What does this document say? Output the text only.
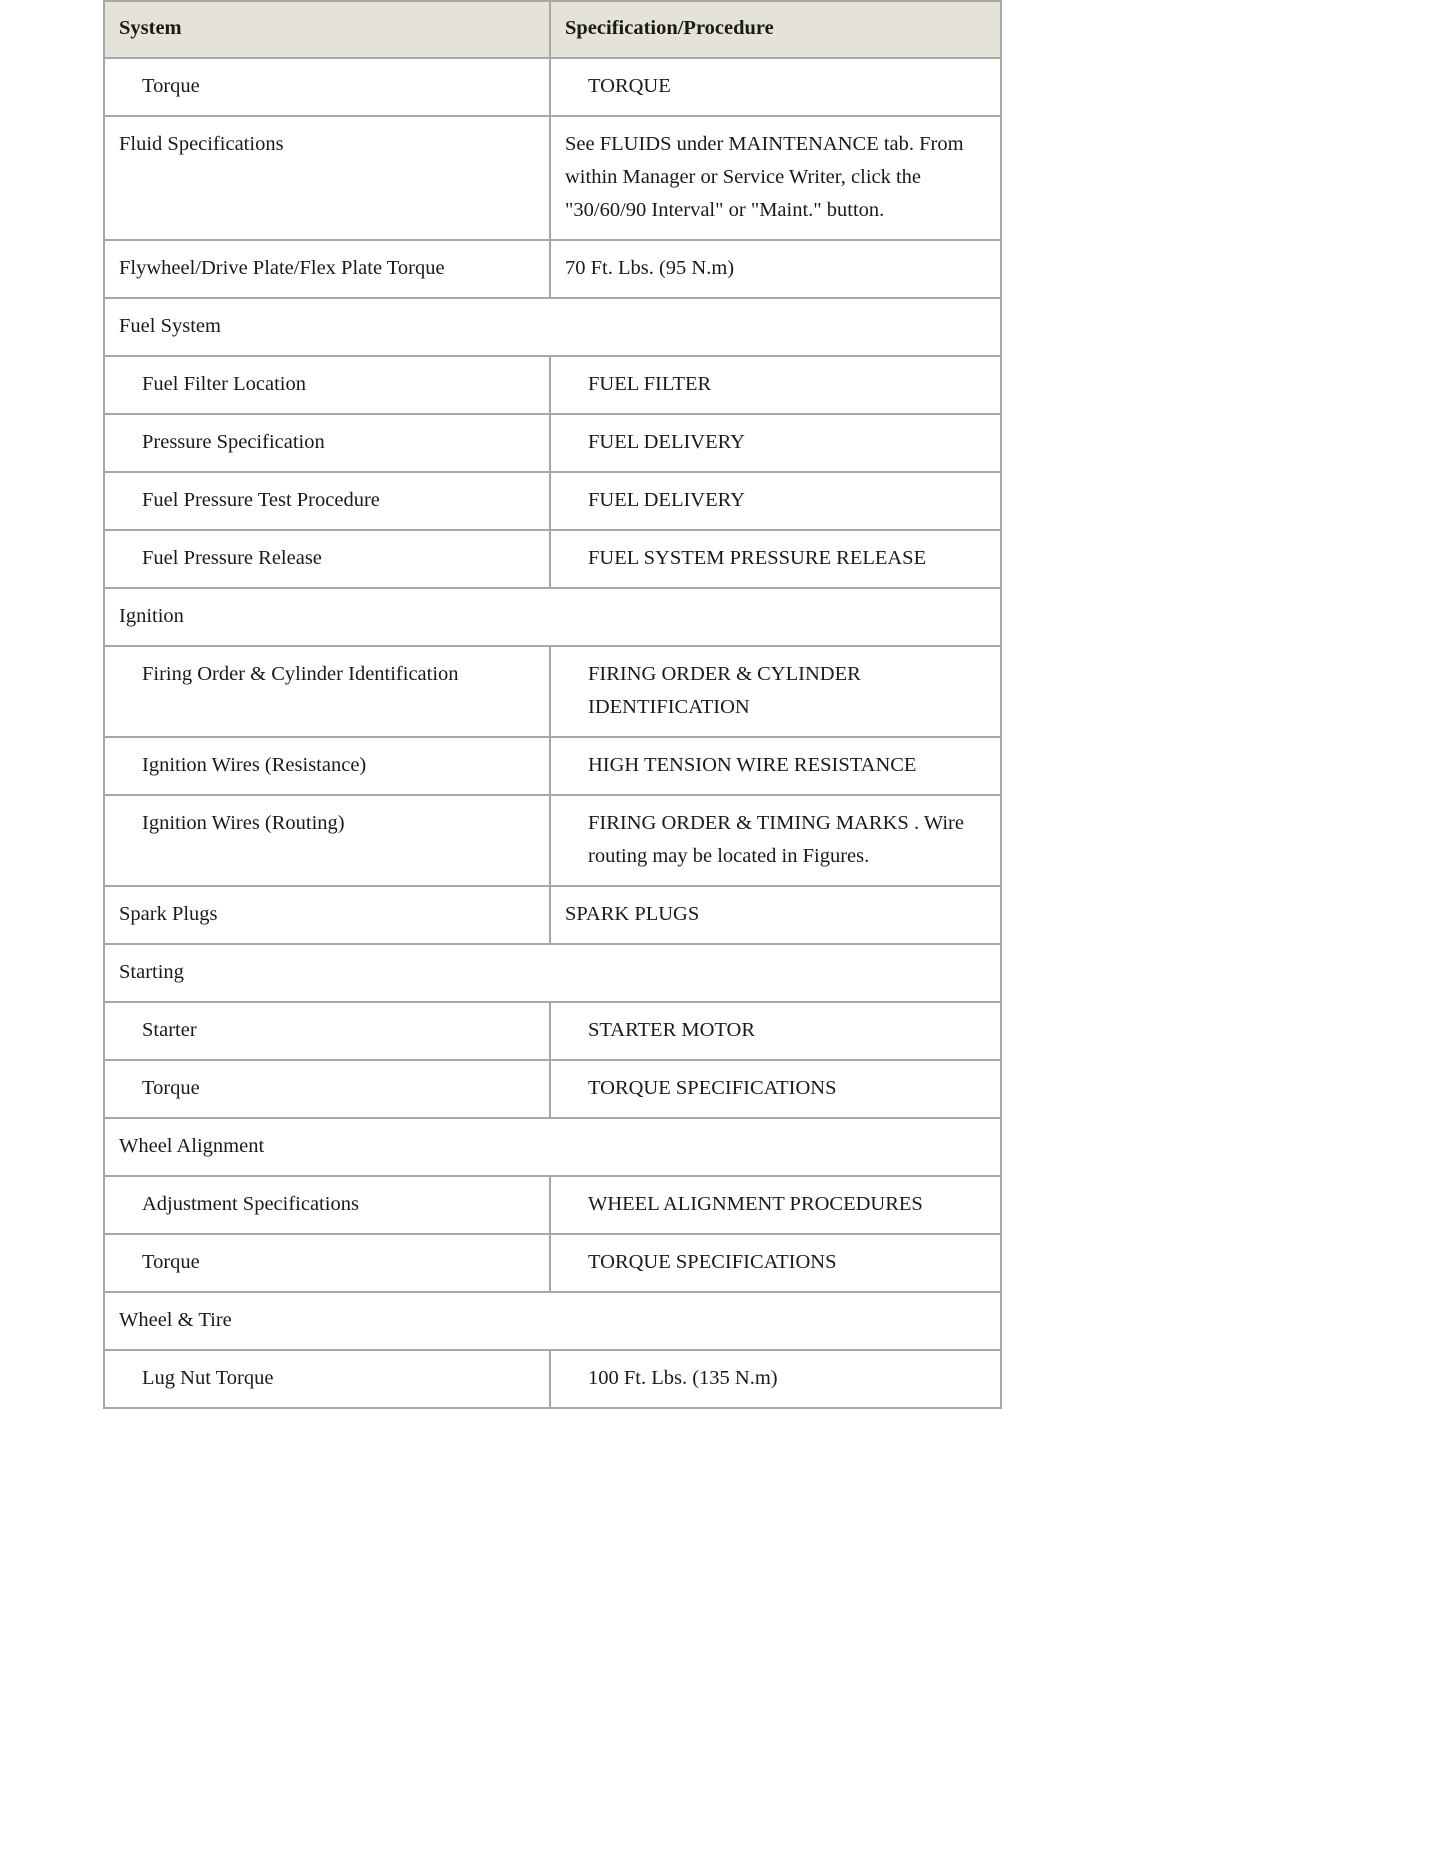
System	Specification/Procedure
Torque	TORQUE
Fluid Specifications	See FLUIDS under MAINTENANCE tab. From within Manager or Service Writer, click the "30/60/90 Interval" or "Maint." button.
Flywheel/Drive Plate/Flex Plate Torque	70 Ft. Lbs. (95 N.m)
Fuel System	
Fuel Filter Location	FUEL FILTER
Pressure Specification	FUEL DELIVERY
Fuel Pressure Test Procedure	FUEL DELIVERY
Fuel Pressure Release	FUEL SYSTEM PRESSURE RELEASE
Ignition	
Firing Order & Cylinder Identification	FIRING ORDER & CYLINDER IDENTIFICATION
Ignition Wires (Resistance)	HIGH TENSION WIRE RESISTANCE
Ignition Wires (Routing)	FIRING ORDER & TIMING MARKS . Wire routing may be located in Figures.
Spark Plugs	SPARK PLUGS
Starting	
Starter	STARTER MOTOR
Torque	TORQUE SPECIFICATIONS
Wheel Alignment	
Adjustment Specifications	WHEEL ALIGNMENT PROCEDURES
Torque	TORQUE SPECIFICATIONS
Wheel & Tire	
Lug Nut Torque	100 Ft. Lbs. (135 N.m)
